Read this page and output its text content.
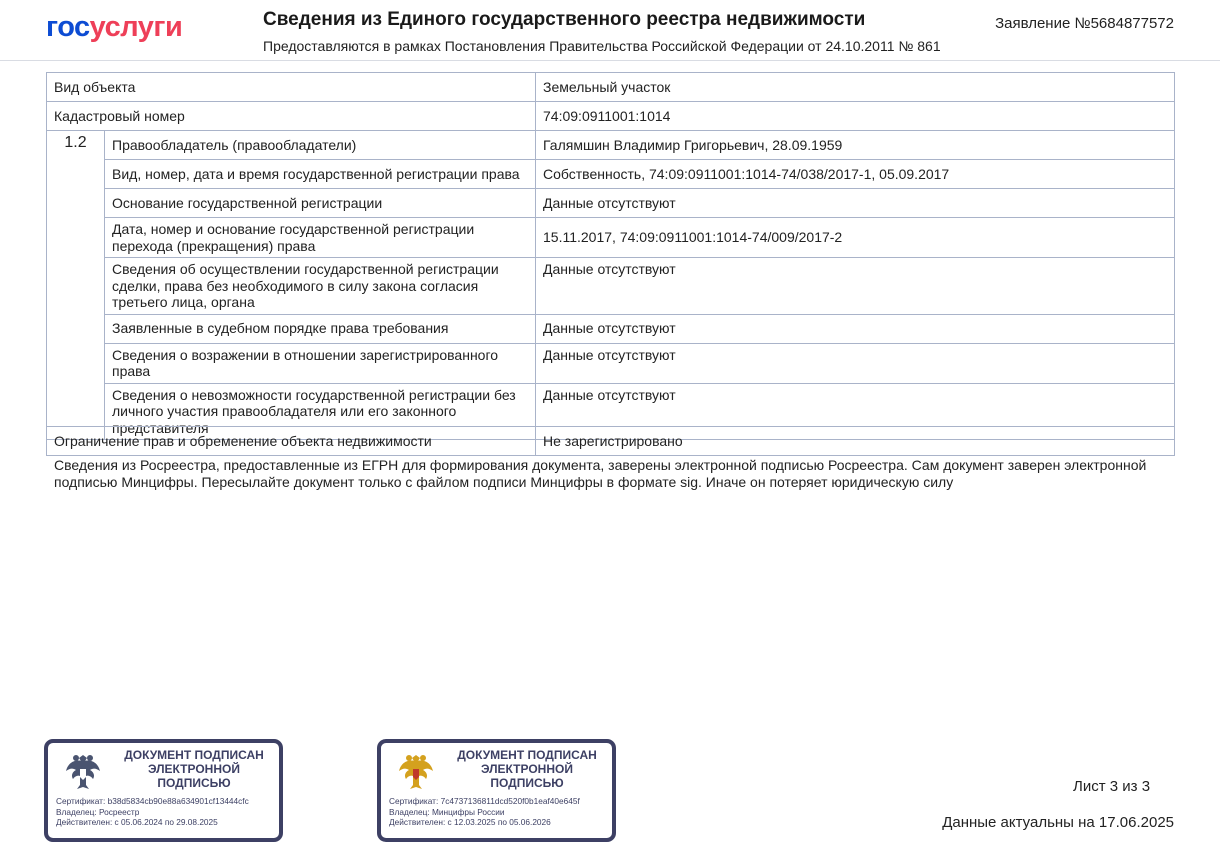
госуслуги	Сведения из Единого государственного реестра недвижимости
Предоставляются в рамках Постановления Правительства Российской Федерации от 24.10.2011 № 861
Заявление №5684877572
Вид объекта		Земельный участок
Кадастровый номер		74:09:0911001:1014
1.2	Правообладатель (правообладатели)	Галямшин Владимир Григорьевич, 28.09.1959
	Вид, номер, дата и время государственной регистрации права	Собственность, 74:09:0911001:1014-74/038/2017-1, 05.09.2017
	Основание государственной регистрации	Данные отсутствуют
	Дата, номер и основание государственной регистрации перехода (прекращения) права	15.11.2017, 74:09:0911001:1014-74/009/2017-2
	Сведения об осуществлении государственной регистрации сделки, права без необходимого в силу закона согласия третьего лица, органа	Данные отсутствуют
	Заявленные в судебном порядке права требования	Данные отсутствуют
	Сведения о возражении в отношении зарегистрированного права	Данные отсутствуют
	Сведения о невозможности государственной регистрации без личного участия правообладателя или его законного представителя	Данные отсутствуют
Ограничение прав и обременение объекта недвижимости	Не зарегистрировано
Сведения из Росреестра, предоставленные из ЕГРН для формирования документа, заверены электронной подписью Росреестра. Сам документ заверен электронной подписью Минцифры. Пересылайте документ только с файлом подписи Минцифры в формате sig. Иначе он потеряет юридическую силу
ДОКУМЕНТ ПОДПИСАН ЭЛЕКТРОННОЙ ПОДПИСЬЮ
Сертификат: b38d5834cb90e88a634901cf13444cfc
Владелец: Росреестр
Действителен: с 05.06.2024 по 29.08.2025
ДОКУМЕНТ ПОДПИСАН ЭЛЕКТРОННОЙ ПОДПИСЬЮ
Сертификат: 7c4737136811dcd520f0b1eaf40e645f
Владелец: Минцифры России
Действителен: с 12.03.2025 по 05.06.2026
Лист 3 из 3
Данные актуальны на 17.06.2025
